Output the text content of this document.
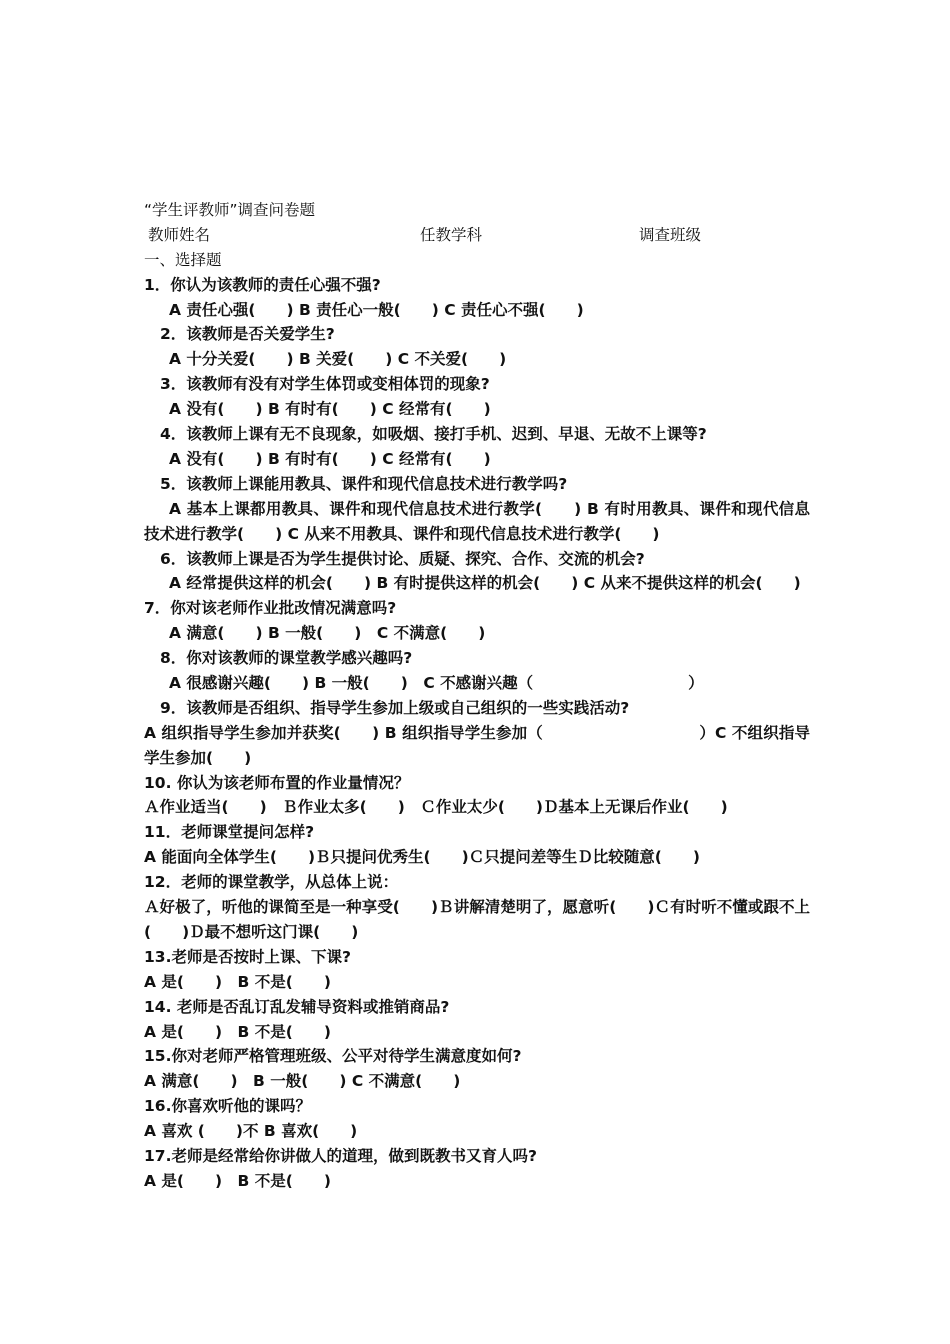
“学生评教师”调查问卷题
教师姓名	任教学科	调查班级
一、选择题
1．你认为该教师的责任心强不强?
A 责任心强(　　) B 责任心一般(　　) C 责任心不强(　　)
2．该教师是否关爱学生?
A 十分关爱(　　) B 关爱(　　) C 不关爱(　　)
3．该教师有没有对学生体罚或变相体罚的现象?
A 没有(　　) B 有时有(　　) C 经常有(　　)
4．该教师上课有无不良现象，如吸烟、接打手机、迟到、早退、无故不上课等?
A 没有(　　) B 有时有(　　) C 经常有(　　)
5．该教师上课能用教具、课件和现代信息技术进行教学吗?
A 基本上课都用教具、课件和现代信息技术进行教学(　　) B 有时用教具、课件和现代信息技术进行教学(　　) C 从来不用教具、课件和现代信息技术进行教学(　　)
6．该教师上课是否为学生提供讨论、质疑、探究、合作、交流的机会?
A 经常提供这样的机会(　　) B 有时提供这样的机会(　　) C 从来不提供这样的机会(　　)
7．你对该老师作业批改情况满意吗?
A 满意(　　) B 一般(　　)　C 不满意(　　)
8．你对该教师的课堂教学感兴趣吗?
A 很感谢兴趣(　　) B 一般(　　)　C 不感谢兴趣（　　　　　　　　　　）
9．该教师是否组织、指导学生参加上级或自己组织的一些实践活动?
A 组织指导学生参加并获奖(　　) B 组织指导学生参加（　　　　　　　　　　）C 不组织指导学生参加(　　)
10. 你认为该老师布置的作业量情况？
Ａ作业适当(　　)　Ｂ作业太多(　　)　Ｃ作业太少(　　)Ｄ基本上无课后作业(　　)
11．老师课堂提问怎样?
A 能面向全体学生(　　)Ｂ只提问优秀生(　　)Ｃ只提问差等生Ｄ比较随意(　　)
12．老师的课堂教学，从总体上说：
Ａ好极了，听他的课简至是一种享受(　　)Ｂ讲解清楚明了，愿意听(　　)Ｃ有时听不懂或跟不上　(　　)Ｄ最不想听这门课(　　)
13.老师是否按时上课、下课?
A 是(　　)　B 不是(　　)
14. 老师是否乱订乱发辅导资料或推销商品?
A 是(　　)　B 不是(　　)
15.你对老师严格管理班级、公平对待学生满意度如何?
A 满意(　　)　B 一般(　　) C 不满意(　　)
16.你喜欢听他的课吗？
A 喜欢 (　　)不 B 喜欢(　　)
17.老师是经常给你讲做人的道理，做到既教书又育人吗?
A 是(　　)　B 不是(　　)
